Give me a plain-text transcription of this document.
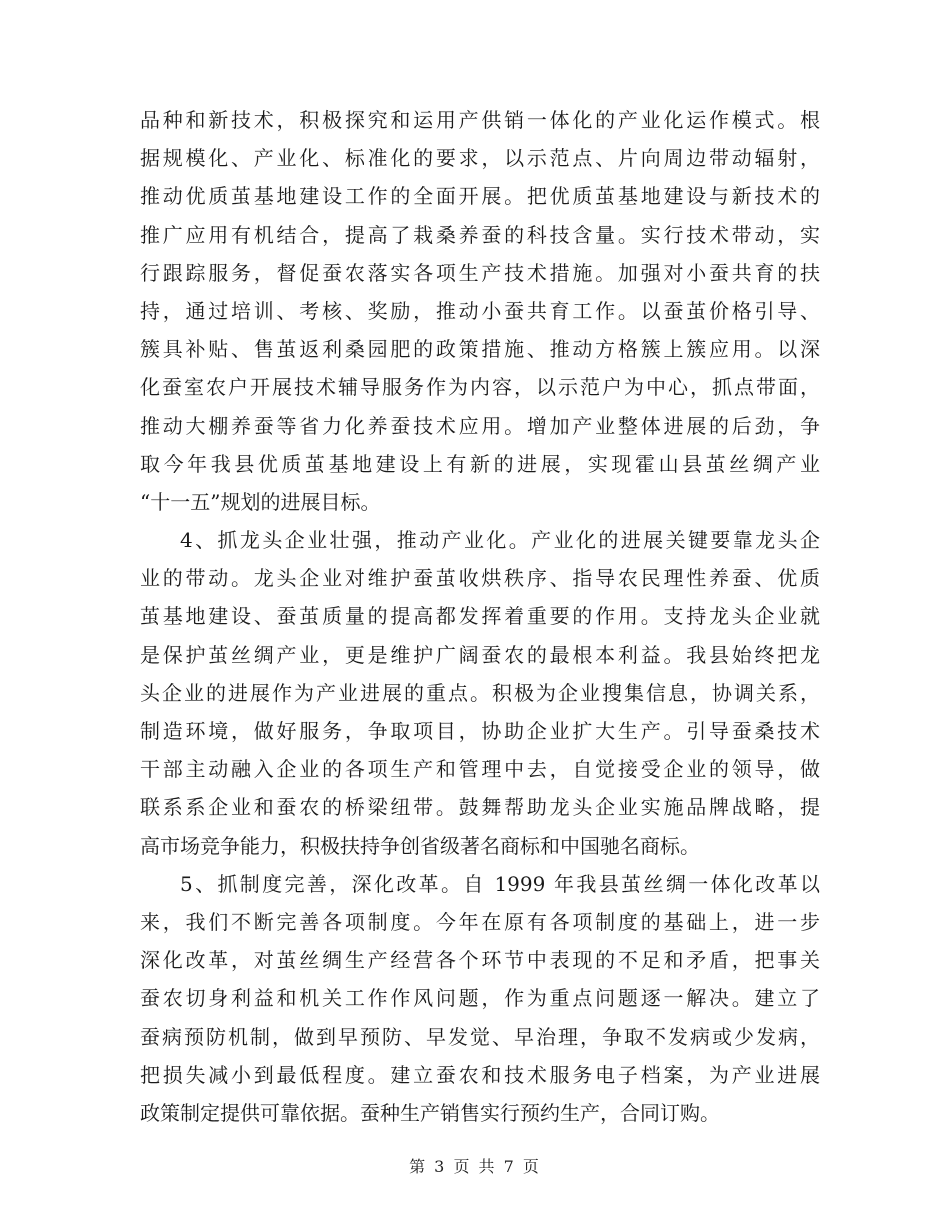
品种和新技术，积极探究和运用产供销一体化的产业化运作模式。根
据规模化、产业化、标准化的要求，以示范点、片向周边带动辐射，
推动优质茧基地建设工作的全面开展。把优质茧基地建设与新技术的
推广应用有机结合，提高了栽桑养蚕的科技含量。实行技术带动，实
行跟踪服务，督促蚕农落实各项生产技术措施。加强对小蚕共育的扶
持，通过培训、考核、奖励，推动小蚕共育工作。以蚕茧价格引导、
簇具补贴、售茧返利桑园肥的政策措施、推动方格簇上簇应用。以深
化蚕室农户开展技术辅导服务作为内容，以示范户为中心，抓点带面，
推动大棚养蚕等省力化养蚕技术应用。增加产业整体进展的后劲，争
取今年我县优质茧基地建设上有新的进展，实现霍山县茧丝绸产业
“十一五”规划的进展目标。
4、抓龙头企业壮强，推动产业化。产业化的进展关键要靠龙头企
业的带动。龙头企业对维护蚕茧收烘秩序、指导农民理性养蚕、优质
茧基地建设、蚕茧质量的提高都发挥着重要的作用。支持龙头企业就
是保护茧丝绸产业，更是维护广阔蚕农的最根本利益。我县始终把龙
头企业的进展作为产业进展的重点。积极为企业搜集信息，协调关系，
制造环境，做好服务，争取项目，协助企业扩大生产。引导蚕桑技术
干部主动融入企业的各项生产和管理中去，自觉接受企业的领导，做
联系系企业和蚕农的桥梁纽带。鼓舞帮助龙头企业实施品牌战略，提
高市场竞争能力，积极扶持争创省级著名商标和中国驰名商标。
5、抓制度完善，深化改革。自 1999 年我县茧丝绸一体化改革以
来，我们不断完善各项制度。今年在原有各项制度的基础上，进一步
深化改革，对茧丝绸生产经营各个环节中表现的不足和矛盾，把事关
蚕农切身利益和机关工作作风问题，作为重点问题逐一解决。建立了
蚕病预防机制，做到早预防、早发觉、早治理，争取不发病或少发病，
把损失减小到最低程度。建立蚕农和技术服务电子档案，为产业进展
政策制定提供可靠依据。蚕种生产销售实行预约生产，合同订购。
第 3 页 共 7 页
